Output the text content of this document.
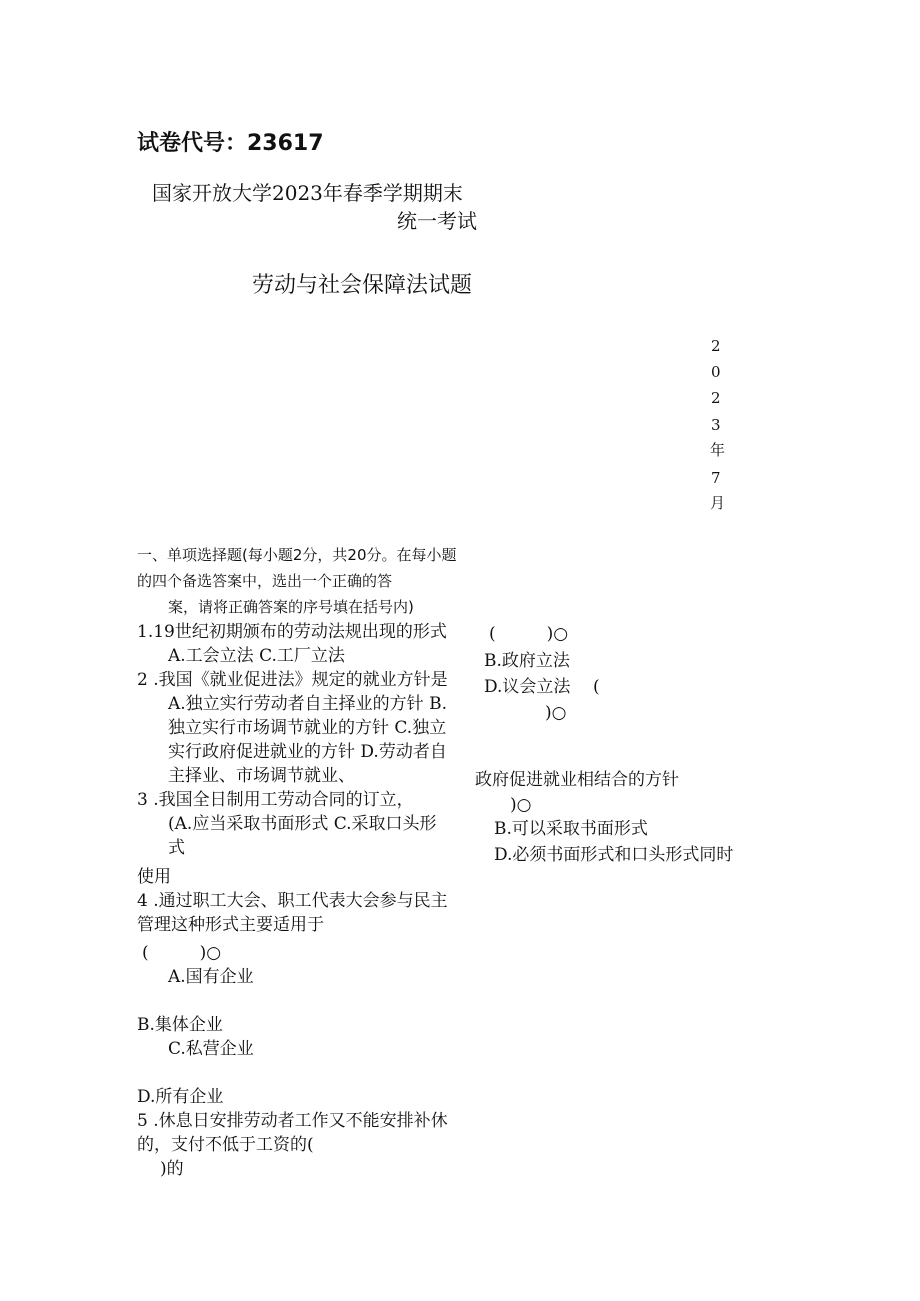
试卷代号：23617
国家开放大学2023年春季学期期末
统一考试
劳动与社会保障法试题
2
0
2
3
年
7
月
一、单项选择题(每小题2分，共20分。在每小题
的四个备选答案中，选出一个正确的答
案，请将正确答案的序号填在括号内)
1.19世纪初期颁布的劳动法规出现的形式 (　　　)○
A.工会立法 C.工厂立法	B.政府立法
D.议会立法
2 .我国《就业促进法》规定的就业方针是	(
)○
A.独立实行劳动者自主择业的方针 B.
独立实行市场调节就业的方针 C.独立
实行政府促进就业的方针 D.劳动者自
主择业、市场调节就业、	政府促进就业相结合的方针
3 .我国全日制用工劳动合同的订立，	)○
(A.应当采取书面形式 C.采取口头形
式
B.可以采取书面形式
D.必须书面形式和口头形式同时
使用
4 .通过职工大会、职工代表大会参与民主
管理这种形式主要适用于
(　　　)○
A.国有企业
B.集体企业
C.私营企业
D.所有企业
5 .休息日安排劳动者工作又不能安排补休
的，支付不低于工资的(
)的
